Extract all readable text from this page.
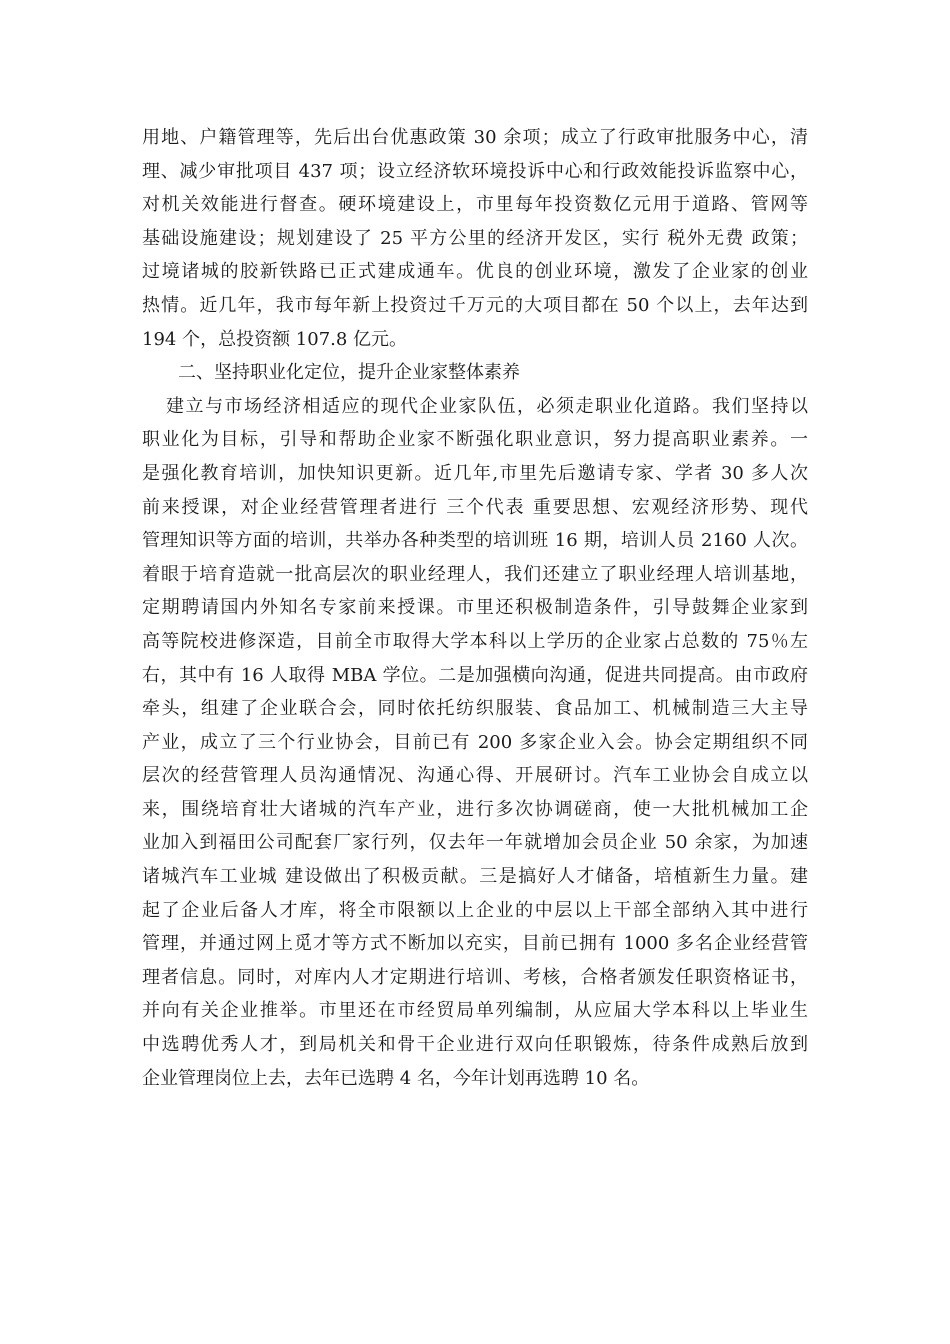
用地、户籍管理等，先后出台优惠政策 30 余项；成立了行政审批服务中心，清
理、减少审批项目 437 项；设立经济软环境投诉中心和行政效能投诉监察中心，
对机关效能进行督查。硬环境建设上，市里每年投资数亿元用于道路、管网等
基础设施建设；规划建设了 25 平方公里的经济开发区，实行 税外无费 政策；
过境诸城的胶新铁路已正式建成通车。优良的创业环境，激发了企业家的创业
热情。近几年，我市每年新上投资过千万元的大项目都在 50 个以上，去年达到
194 个，总投资额 107.8 亿元。
二、坚持职业化定位，提升企业家整体素养
建立与市场经济相适应的现代企业家队伍，必须走职业化道路。我们坚持以
职业化为目标，引导和帮助企业家不断强化职业意识，努力提高职业素养。一
是强化教育培训，加快知识更新。近几年,市里先后邀请专家、学者 30 多人次
前来授课，对企业经营管理者进行 三个代表 重要思想、宏观经济形势、现代
管理知识等方面的培训，共举办各种类型的培训班 16 期，培训人员 2160 人次。
着眼于培育造就一批高层次的职业经理人，我们还建立了职业经理人培训基地，
定期聘请国内外知名专家前来授课。市里还积极制造条件，引导鼓舞企业家到
高等院校进修深造，目前全市取得大学本科以上学历的企业家占总数的 75％左
右，其中有 16 人取得 MBA 学位。二是加强横向沟通，促进共同提高。由市政府
牵头，组建了企业联合会，同时依托纺织服装、食品加工、机械制造三大主导
产业，成立了三个行业协会，目前已有 200 多家企业入会。协会定期组织不同
层次的经营管理人员沟通情况、沟通心得、开展研讨。汽车工业协会自成立以
来，围绕培育壮大诸城的汽车产业，进行多次协调磋商，使一大批机械加工企
业加入到福田公司配套厂家行列，仅去年一年就增加会员企业 50 余家，为加速
诸城汽车工业城 建设做出了积极贡献。三是搞好人才储备，培植新生力量。建
起了企业后备人才库，将全市限额以上企业的中层以上干部全部纳入其中进行
管理，并通过网上觅才等方式不断加以充实，目前已拥有 1000 多名企业经营管
理者信息。同时，对库内人才定期进行培训、考核，合格者颁发任职资格证书，
并向有关企业推举。市里还在市经贸局单列编制，从应届大学本科以上毕业生
中选聘优秀人才，到局机关和骨干企业进行双向任职锻炼，待条件成熟后放到
企业管理岗位上去，去年已选聘 4 名，今年计划再选聘 10 名。
